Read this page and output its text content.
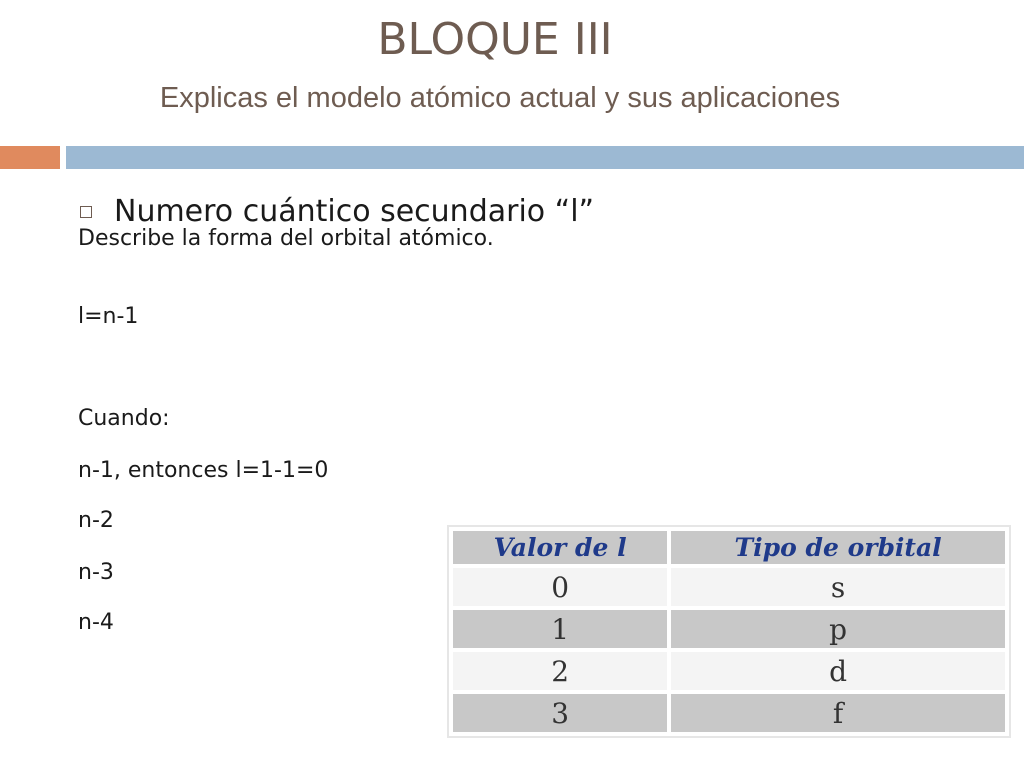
BLOQUE III
Explicas el modelo atómico actual y sus aplicaciones
Numero cuántico secundario “l”
Describe la forma del orbital atómico.
l=n-1
Cuando:
n-1, entonces l=1-1=0
n-2
n-3
n-4
Valor de l	Tipo de orbital
0	s
1	p
2	d
3	f
